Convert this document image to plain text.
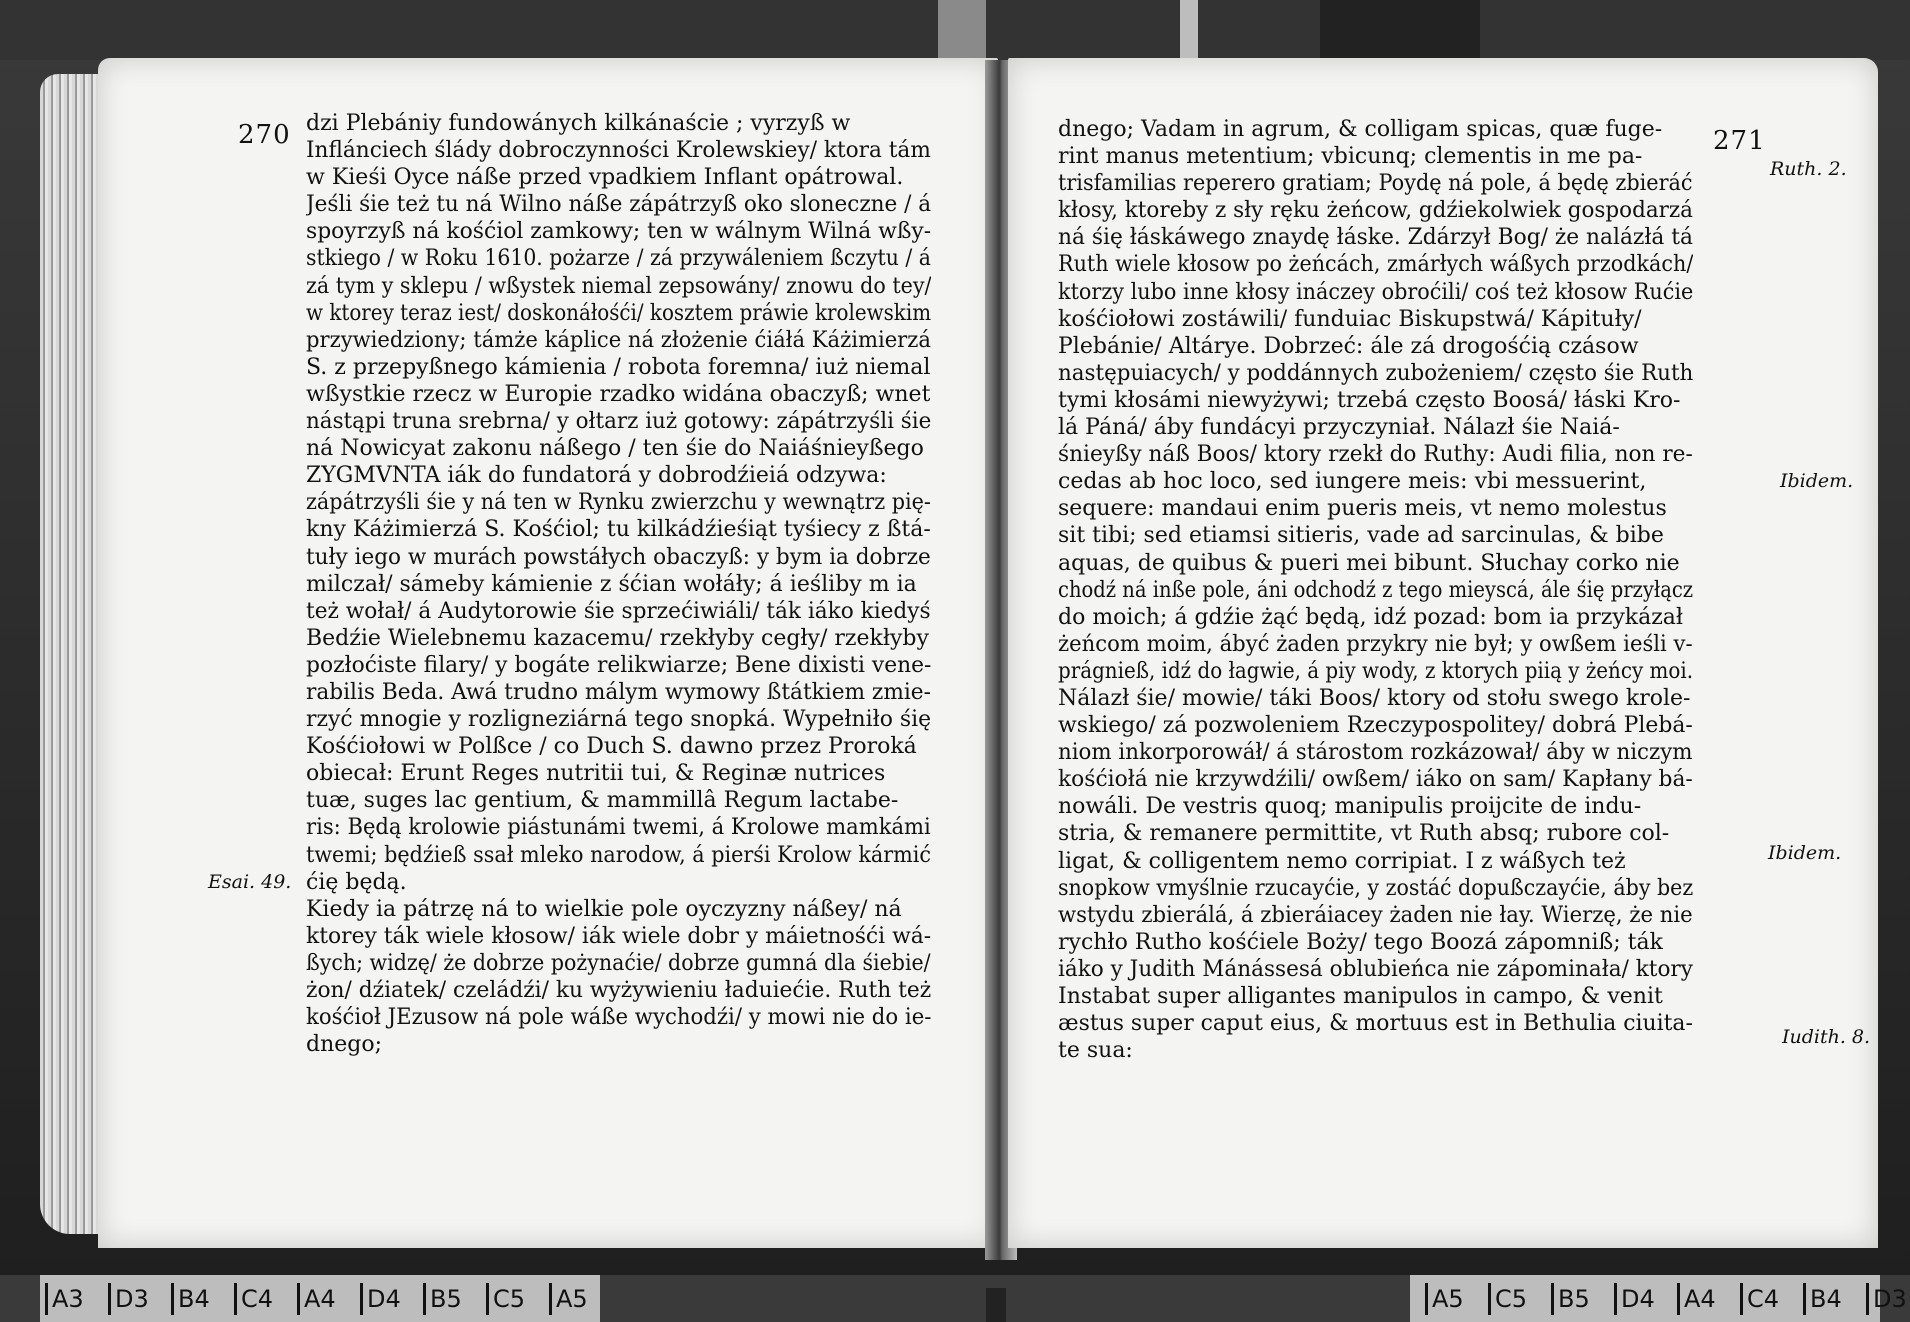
270 dzi Plebániy fundowánych kilkánaście ; vyrzyß w
Inflánciech ślády dobroczynności Krolewskiey/ ktora tám
w Kieśi Oyce náße przed vpadkiem Inflant opátrowal.
Jeśli śie też tu ná Wilno náße zápátrzyß oko sloneczne / á
spoyrzyß ná kośćiol zamkowy; ten w wálnym Wilná wßy-
stkiego / w Roku 1610. pożarze / zá przywáleniem ßczytu / á
zá tym y sklepu / wßystek niemal zepsowány/ znowu do tey/
w ktorey teraz iest/ doskonáłośći/ kosztem práwie krolewskim
przywiedziony; támże káplice ná złożenie ćiáłá Káżimierzá
S. z przepyßnego kámienia / robota foremna/ iuż niemal
wßystkie rzecz w Europie rzadko widána obaczyß; wnet
nástąpi truna srebrna/ y ołtarz iuż gotowy: zápátrzyśli śie
ná Nowicyat zakonu náßego / ten śie do Naiáśnieyßego
ZYGMVNTA iák do fundatorá y dobrodźieiá odzywa:
zápátrzyśli śie y ná ten w Rynku zwierzchu y wewnątrz pię-
kny Káżimierzá S. Kośćiol; tu kilkádźieśiąt tyśiecy z ßtá-
tuły iego w murách powstáłych obaczyß: y bym ia dobrze
milczał/ sámeby kámienie z śćian wołáły; á ieśliby m ia
też wołał/ á Audytorowie śie sprzećiwiáli/ ták iáko kiedyś
Bedźie Wielebnemu kazacemu/ rzekłyby cegły/ rzekłyby
pozłoćiste filary/ y bogáte relikwiarze; Bene dixisti vene-
rabilis Beda. Awá trudno málym wymowy ßtátkiem zmie-
rzyć mnogie y rozligneziárná tego snopká. Wypełniło śię
Kośćiołowi w Polßce / co Duch S. dawno przez Proroká
obiecał: Erunt Reges nutritii tui, & Reginæ nutrices
tuæ, suges lac gentium, & mammillâ Regum lactabe-
ris: Będą krolowie piástunámi twemi, á Krolowe mamkámi
twemi; będźieß ssał mleko narodow, á pierśi Krolow kármić
ćię będą.
Kiedy ia pátrzę ná to wielkie pole oyczyzny náßey/ ná
ktorey ták wiele kłosow/ iák wiele dobr y máietnośći wá-
ßych; widzę/ że dobrze pożynaćie/ dobrze gumná dla śiebie/
żon/ dźiatek/ czeládźi/ ku wyżywieniu ładuiećie. Ruth też
kośćioł JEzusow ná pole wáße wychodźi/ y mowi nie do ie-
dnego;
Esai. 49.
271
dnego; Vadam in agrum, & colligam spicas, quæ fuge-
rint manus metentium; vbicunq; clementis in me pa-
trisfamilias reperero gratiam; Poydę ná pole, á będę zbieráć
kłosy, ktoreby z sły ręku żeńcow, gdźiekolwiek gospodarzá
ná śię łáskáwego znaydę łáske. Zdárzył Bog/ że nalázłá tá
Ruth wiele kłosow po żeńcách, zmárłych wáßych przodkách/
ktorzy lubo inne kłosy ináczey obroćili/ coś też kłosow Rućie
kośćiołowi zostáwili/ funduiac Biskupstwá/ Kápituły/
Plebánie/ Altárye. Dobrzeć: ále zá drogośćią czásow
następuiacych/ y poddánnych zubożeniem/ często śie Ruth
tymi kłosámi niewyżywi; trzebá często Boosá/ łáski Kro-
lá Páná/ áby fundácyi przyczyniał. Nálazł śie Naiá-
śnieyßy náß Boos/ ktory rzekł do Ruthy: Audi filia, non re-
cedas ab hoc loco, sed iungere meis: vbi messuerint,
sequere: mandaui enim pueris meis, vt nemo molestus
sit tibi; sed etiamsi sitieris, vade ad sarcinulas, & bibe
aquas, de quibus & pueri mei bibunt. Słuchay corko nie
chodź ná inße pole, áni odchodź z tego mieyscá, ále śię przyłącz
do moich; á gdźie żąć będą, idź pozad: bom ia przykázał
żeńcom moim, ábyć żaden przykry nie był; y owßem ieśli v-
prágnieß, idź do łagwie, á piy wody, z ktorych piią y żeńcy moi.
Nálazł śie/ mowie/ táki Boos/ ktory od stołu swego krole-
wskiego/ zá pozwoleniem Rzeczypospolitey/ dobrá Plebá-
niom inkorporowáł/ á stárostom rozkázował/ áby w niczym
kośćiołá nie krzywdźili/ owßem/ iáko on sam/ Kapłany bá-
nowáli. De vestris quoq; manipulis proijcite de indu-
stria, & remanere permittite, vt Ruth absq; rubore col-
ligat, & colligentem nemo corripiat. I z wáßych też
snopkow vmyślnie rzucayćie, y zostáć dopußczayćie, áby bez
wstydu zbierálá, á zbieráiacey żaden nie łay. Wierzę, że nie
rychło Rutho kośćiele Boży/ tego Boozá zápomniß; ták
iáko y Judith Mánássesá oblubieńca nie zápominała/ ktory
Instabat super alligantes manipulos in campo, & venit
æstus super caput eius, & mortuus est in Bethulia ciuita-
te sua:
Ruth. 2.
Ibidem.
Ibidem.
Iudith. 8.
A3	D3	B4	C4	A4	D4	B5	C5	A5	A5	C5	B5	D4	A4	C4	B4	D3
